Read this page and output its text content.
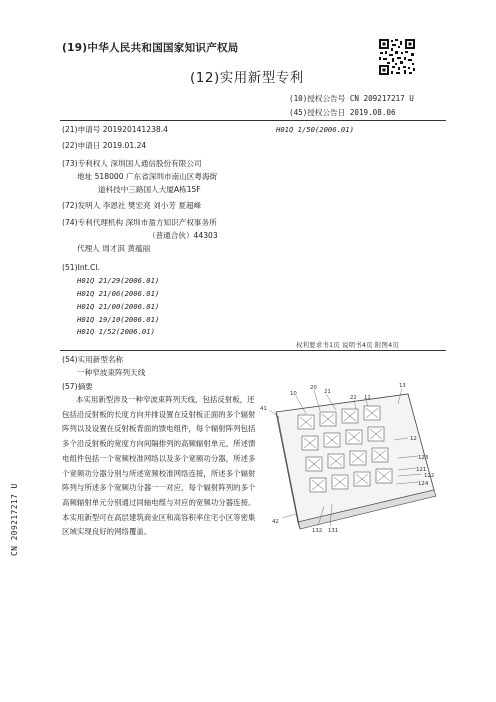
(19)中华人民共和国国家知识产权局
(12)实用新型专利
(10)授权公告号 CN 209217217 U
(45)授权公告日 2019.08.06
(21)申请号 201920141238.4	H01Q 1/50(2006.01)
(22)申请日 2019.01.24
(73)专利权人 深圳国人通信股份有限公司
地址 518000 广东省深圳市南山区粤海街
道科技中三路国人大厦A栋15F
(72)发明人 李恩社 樊宏亮 刘小芳 夏超峰
(74)专利代理机构 深圳市盈方知识产权事务所
（普通合伙）44303
代理人 周才淇 黄蕴丽
(51)Int.Cl.
H01Q 21/29(2006.01)
H01Q 21/06(2006.01)
H01Q 21/00(2006.01)
H01Q 19/10(2006.01)
H01Q 1/52(2006.01)
权利要求书1页 说明书4页 附图4页
(54)实用新型名称
一种窄波束阵列天线
(57)摘要
本实用新型涉及一种窄波束阵列天线，包括反射板，还包括沿反射板的长度方向并排设置在反射板正面的多个辐射阵列以及设置在反射板背面的馈电组件，每个辐射阵列包括多个沿反射板的宽度方向间隔排列的高频辐射单元，所述馈电组件包括一个宽频校准网络以及多个宽频功分器，所述多个宽频功分器分别与所述宽频校准网络连接，所述多个辐射阵列与所述多个宽频功分器一一对应，每个辐射阵列的多个高频辐射单元分别通过同轴电缆与对应的宽频功分器连接。本实用新型可在高层建筑商业区和高容积率住宅小区等密集区域实现良好的网络覆盖。
10
20
21
13
22 11
41
12
123
121
122
124
42
132 131
CN 209217217 U
